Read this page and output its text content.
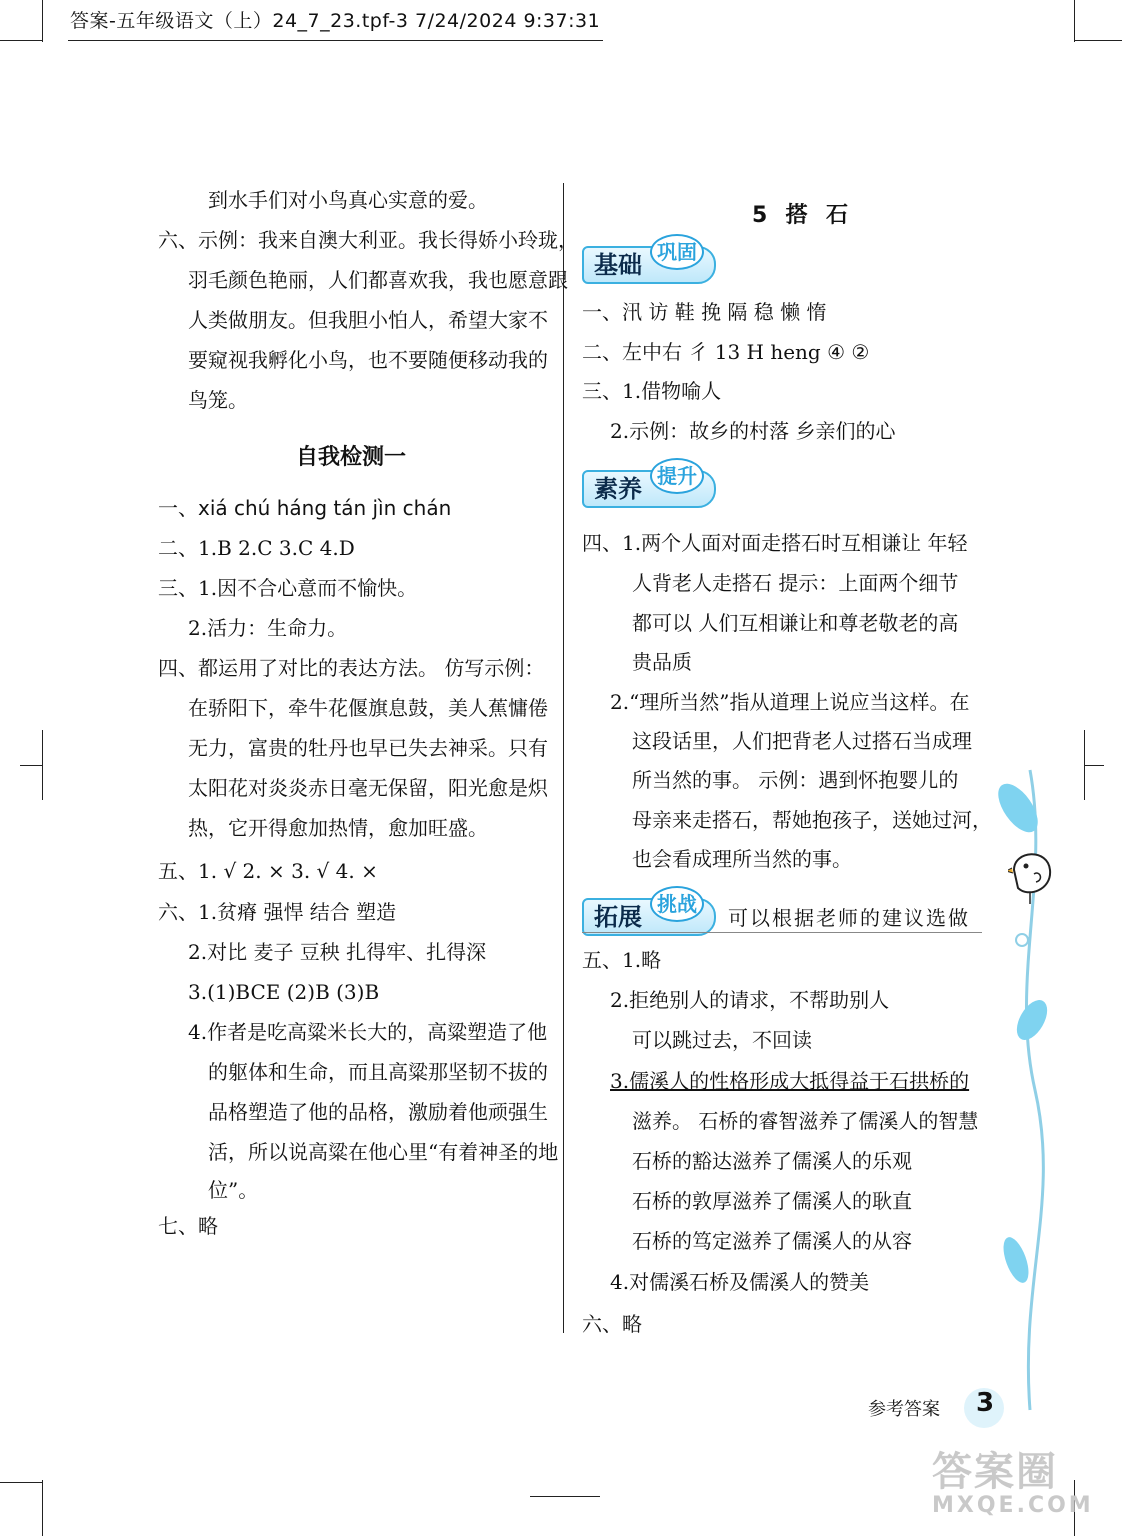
答案-五年级语文（上）24_7_23.tpf-3 7/24/2024 9:37:31
到水手们对小鸟真心实意的爱。
六、示例：我来自澳大利亚。我长得娇小玲珑，
羽毛颜色艳丽，人们都喜欢我，我也愿意跟
人类做朋友。但我胆小怕人，希望大家不
要窥视我孵化小鸟，也不要随便移动我的
鸟笼。
自我检测一
一、xiá chú háng tán jìn chán
二、1.B 2.C 3.C 4.D
三、1.因不合心意而不愉快。
2.活力：生命力。
四、都运用了对比的表达方法。 仿写示例：
在骄阳下，牵牛花偃旗息鼓，美人蕉慵倦
无力，富贵的牡丹也早已失去神采。只有
太阳花对炎炎赤日毫无保留，阳光愈是炽
热，它开得愈加热情，愈加旺盛。
五、1. √ 2. × 3. √ 4. ×
六、1.贫瘠 强悍 结合 塑造
2.对比 麦子 豆秧 扎得牢、扎得深
3.(1)BCE (2)B (3)B
4.作者是吃高粱米长大的，高粱塑造了他
的躯体和生命，而且高粱那坚韧不拔的
品格塑造了他的品格，激励着他顽强生
活，所以说高粱在他心里“有着神圣的地
位”。
七、略
5  搭  石
基础 巩固
一、汛 访 鞋 挽 隔 稳 懒 惰
二、左中右 彳 13 H heng ④ ②
三、1.借物喻人
2.示例：故乡的村落 乡亲们的心
素养 提升
四、1.两个人面对面走搭石时互相谦让 年轻
人背老人走搭石 提示：上面两个细节
都可以 人们互相谦让和尊老敬老的高
贵品质
2.“理所当然”指从道理上说应当这样。在
这段话里，人们把背老人过搭石当成理
所当然的事。 示例：遇到怀抱婴儿的
母亲来走搭石，帮她抱孩子，送她过河，
也会看成理所当然的事。
拓展 挑战
可以根据老师的建议选做
五、1.略
2.拒绝别人的请求，不帮助别人
可以跳过去，不回读
3.儒溪人的性格形成大抵得益于石拱桥的
滋养。 石桥的睿智滋养了儒溪人的智慧
石桥的豁达滋养了儒溪人的乐观
石桥的敦厚滋养了儒溪人的耿直
石桥的笃定滋养了儒溪人的从容
4.对儒溪石桥及儒溪人的赞美
六、略
参考答案 3
答案圈
MXQE.COM
